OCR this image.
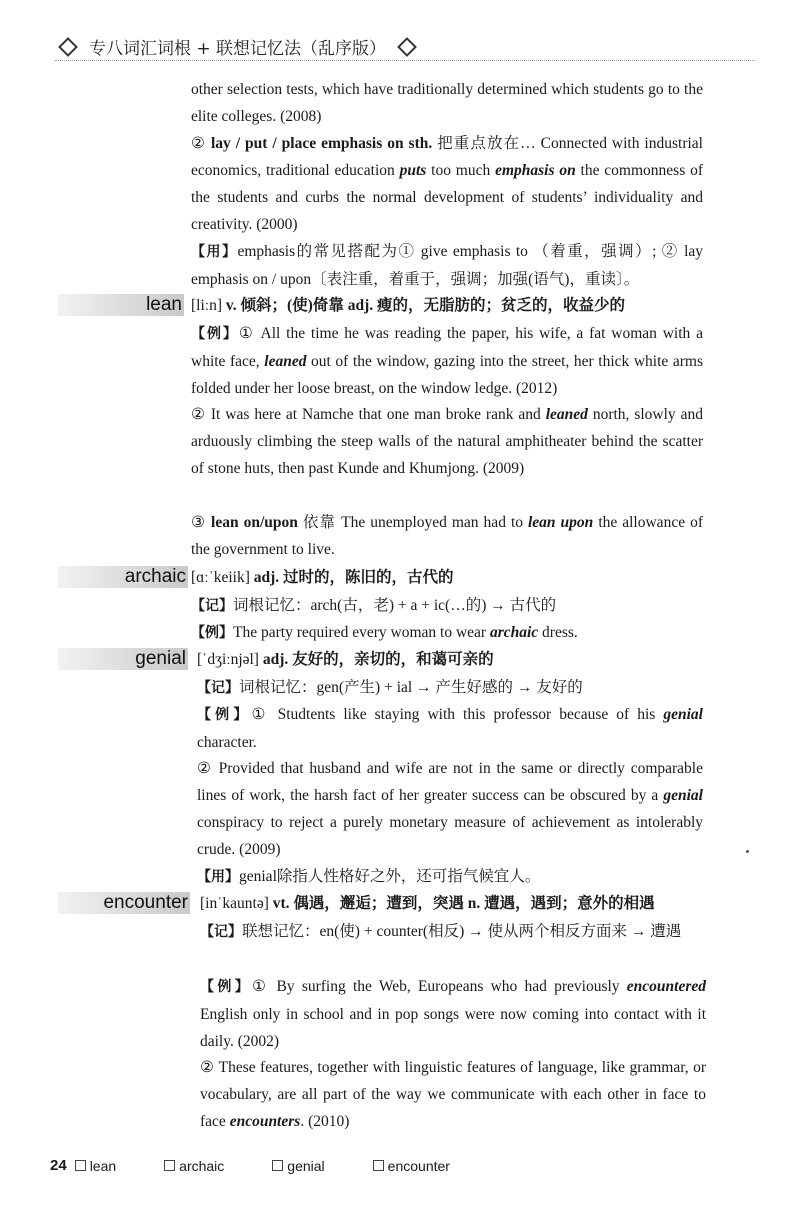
专八词汇词根 + 联想记忆法（乱序版）
other selection tests, which have traditionally determined which students go to the elite colleges. (2008)
② lay / put / place emphasis on sth. 把重点放在… Connected with industrial economics, traditional education puts too much emphasis on the commonness of the students and curbs the normal development of students’ individuality and creativity. (2000)
【用】emphasis的常见搭配为① give emphasis to （着重，强调）; ② lay emphasis on / upon〔表注重，着重于，强调；加强(语气)，重读〕。
lean [liːn] v. 倾斜；(使)倚靠 adj. 瘦的，无脂肪的；贫乏的，收益少的
【例】① All the time he was reading the paper, his wife, a fat woman with a white face, leaned out of the window, gazing into the street, her thick white arms folded under her loose breast, on the window ledge. (2012)
② It was here at Namche that one man broke rank and leaned north, slowly and arduously climbing the steep walls of the natural amphitheater behind the scatter of stone huts, then past Kunde and Khumjong. (2009)
③ lean on/upon 依靠 The unemployed man had to lean upon the allowance of the government to live.
archaic [ɑːˈkeiik] adj. 过时的，陈旧的，古代的
【记】词根记忆：arch(古，老) + a + ic(…的) → 古代的
【例】The party required every woman to wear archaic dress.
genial [ˈdʒiːnjəl] adj. 友好的，亲切的，和蔼可亲的
【记】词根记忆：gen(产生) + ial → 产生好感的 → 友好的
【例】① Studtents like staying with this professor because of his genial character.
② Provided that husband and wife are not in the same or directly comparable lines of work, the harsh fact of her greater success can be obscured by a genial conspiracy to reject a purely monetary measure of achievement as intolerably crude. (2009)
【用】genial除指人性格好之外，还可指气候宜人。
encounter [inˈkauntə] vt. 偶遇，邂逅；遭到，突遇 n. 遭遇，遇到；意外的相遇
【记】联想记忆：en(使) + counter(相反) → 使从两个相反方面来 → 遭遇
【例】① By surfing the Web, Europeans who had previously encountered English only in school and in pop songs were now coming into contact with it daily. (2002)
② These features, together with linguistic features of language, like grammar, or vocabulary, are all part of the way we communicate with each other in face to face encounters. (2010)
24 lean	archaic	genial	encounter
